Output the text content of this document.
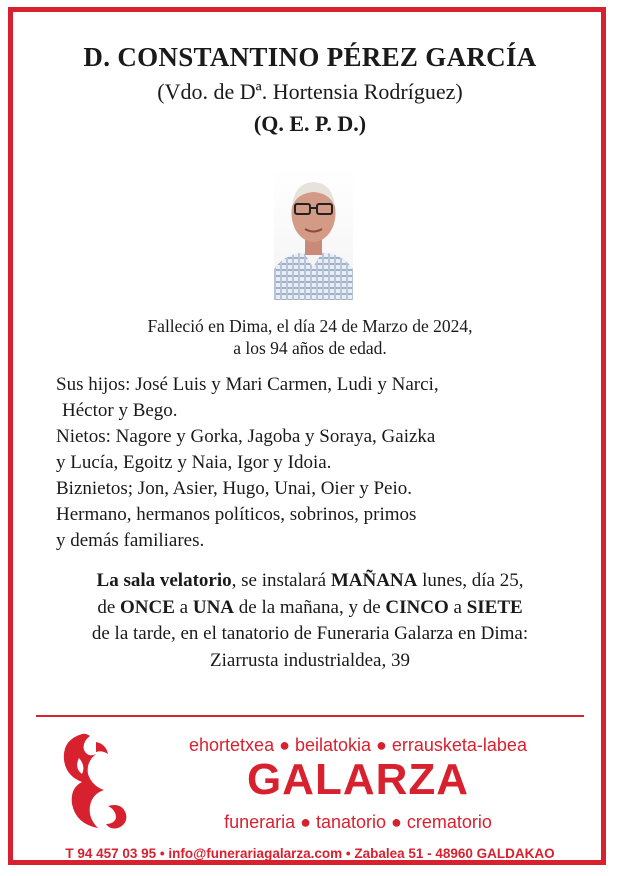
D. CONSTANTINO PÉREZ GARCÍA
(Vdo. de Dª. Hortensia Rodríguez)
(Q. E. P. D.)
Falleció en Dima, el día 24 de Marzo de 2024,
a los 94 años de edad.
Sus hijos: José Luis y Mari Carmen, Ludi y Narci,
Héctor y Bego.
Nietos: Nagore y Gorka, Jagoba y Soraya, Gaizka
y Lucía, Egoitz y Naia, Igor y Idoia.
Biznietos; Jon, Asier, Hugo, Unai, Oier y Peio.
Hermano, hermanos políticos, sobrinos, primos
y demás familiares.
La sala velatorio, se instalará MAÑANA lunes, día 25,
de ONCE a UNA de la mañana, y de CINCO a SIETE
de la tarde, en el tanatorio de Funeraria Galarza en Dima:
Ziarrusta industrialdea, 39
ehortetxea ● beilatokia ● errausketa-labea
GALARZA
funeraria ● tanatorio ● crematorio
T 94 457 03 95 • info@funerariagalarza.com • Zabalea 51 - 48960 GALDAKAO
